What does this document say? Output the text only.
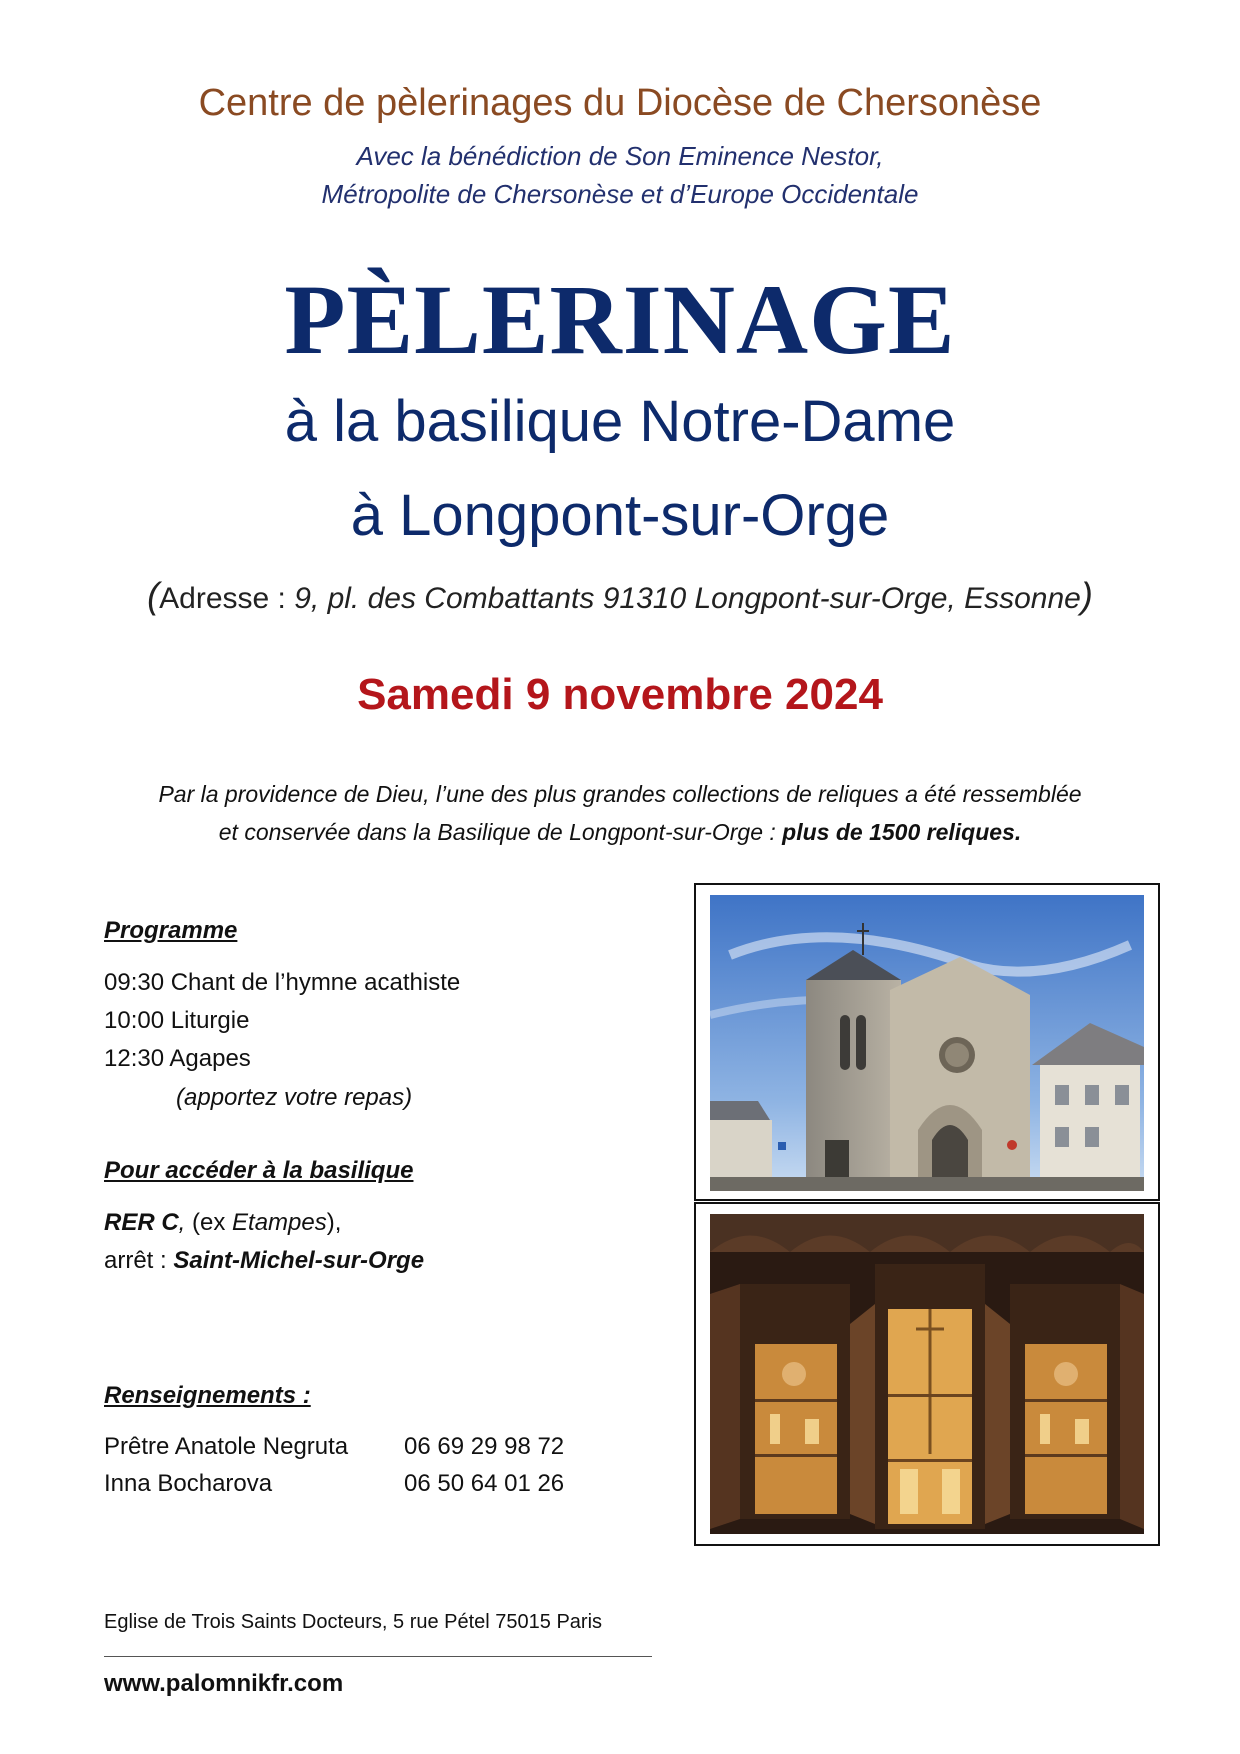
Centre de pèlerinages du Diocèse de Chersonèse
Avec la bénédiction de Son Eminence Nestor,
Métropolite de Chersonèse et d’Europe Occidentale
PÈLERINAGE
à la basilique Notre-Dame
à Longpont-sur-Orge
(Adresse : 9, pl. des Combattants 91310 Longpont-sur-Orge, Essonne)
Samedi 9 novembre 2024
Par la providence de Dieu, l’une des plus grandes collections de reliques a été ressemblée
et conservée dans la Basilique de Longpont-sur-Orge : plus de 1500 reliques.
Programme
09:30 Chant de l’hymne acathiste
10:00 Liturgie
12:30 Agapes
(apportez votre repas)
Pour accéder à la basilique
RER C, (ex Etampes),
arrêt : Saint-Michel-sur-Orge
Renseignements :
Prêtre Anatole Negruta 06 69 29 98 72
Inna Bocharova	06 50 64 01 26
Eglise de Trois Saints Docteurs, 5 rue Pétel 75015 Paris
www.palomnikfr.com
